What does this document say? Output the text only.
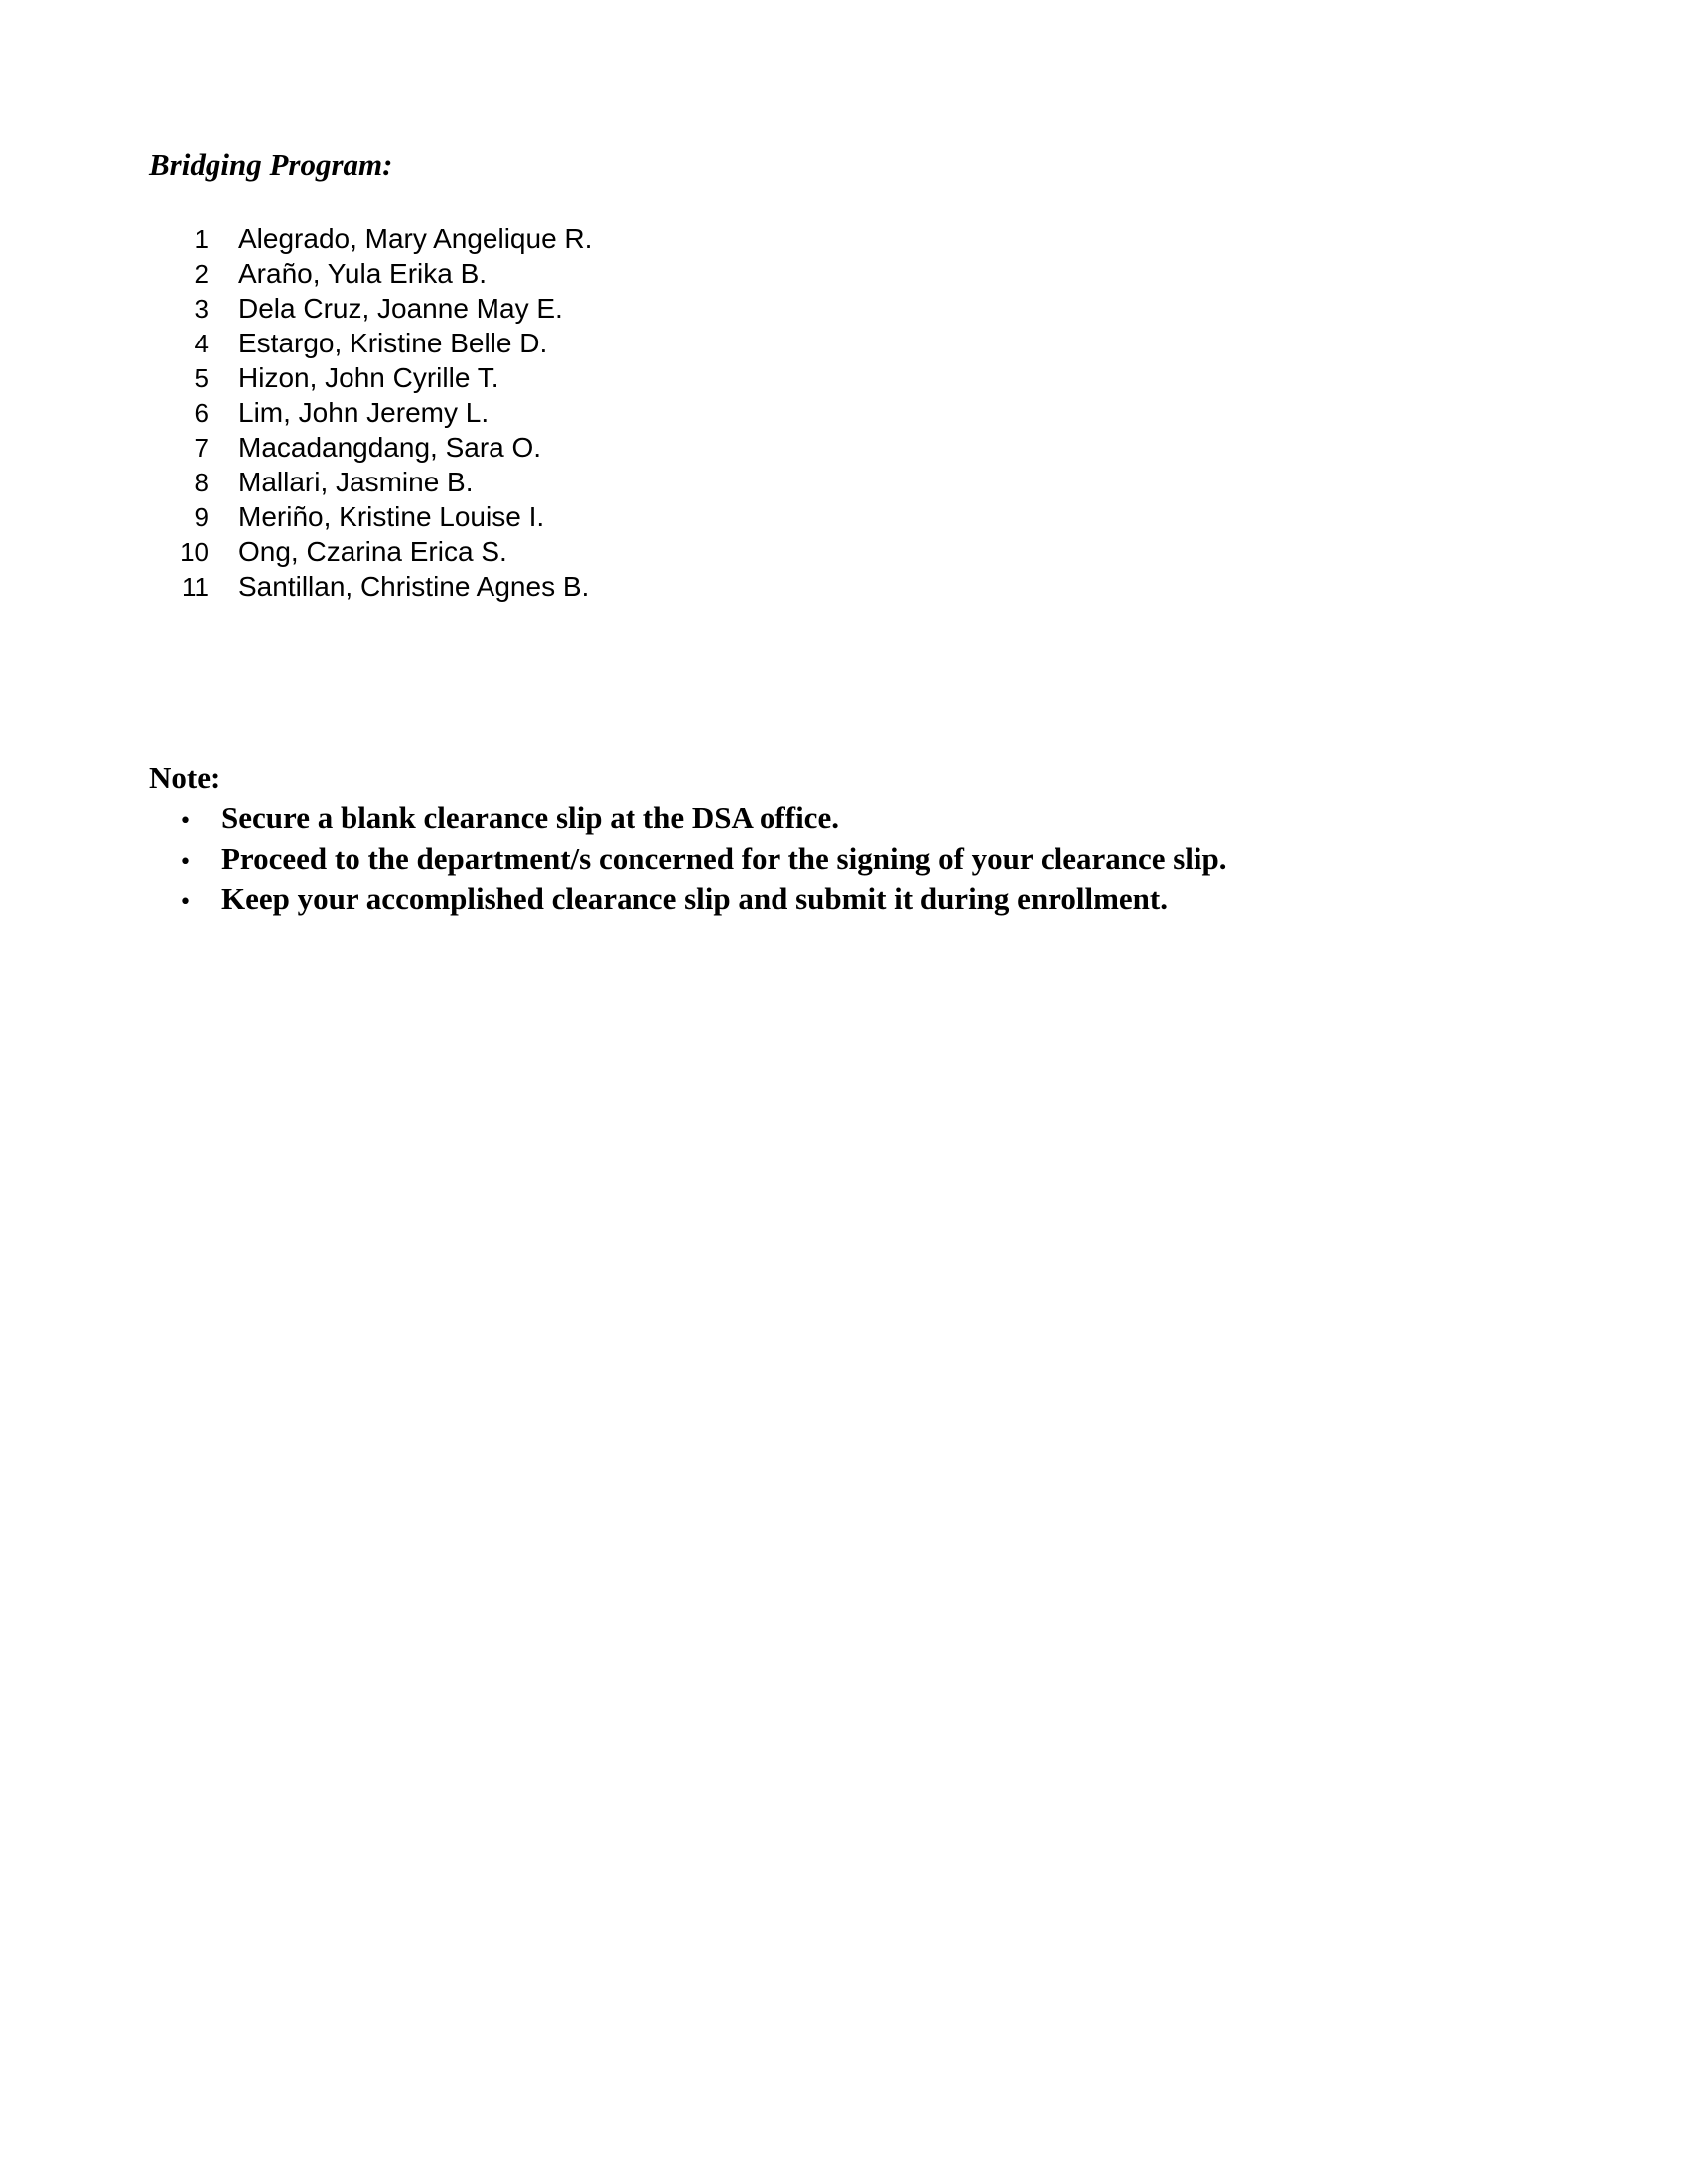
Bridging Program:
1	Alegrado, Mary Angelique R.
2	Araño, Yula Erika B.
3	Dela Cruz, Joanne May E.
4	Estargo, Kristine Belle D.
5	Hizon, John Cyrille T.
6	Lim, John Jeremy L.
7	Macadangdang, Sara O.
8	Mallari, Jasmine B.
9	Meriño, Kristine Louise I.
10	Ong, Czarina Erica S.
11	Santillan, Christine Agnes B.
Note:
• Secure a blank clearance slip at the DSA office.
• Proceed to the department/s concerned for the signing of your clearance slip.
• Keep your accomplished clearance slip and submit it during enrollment.
